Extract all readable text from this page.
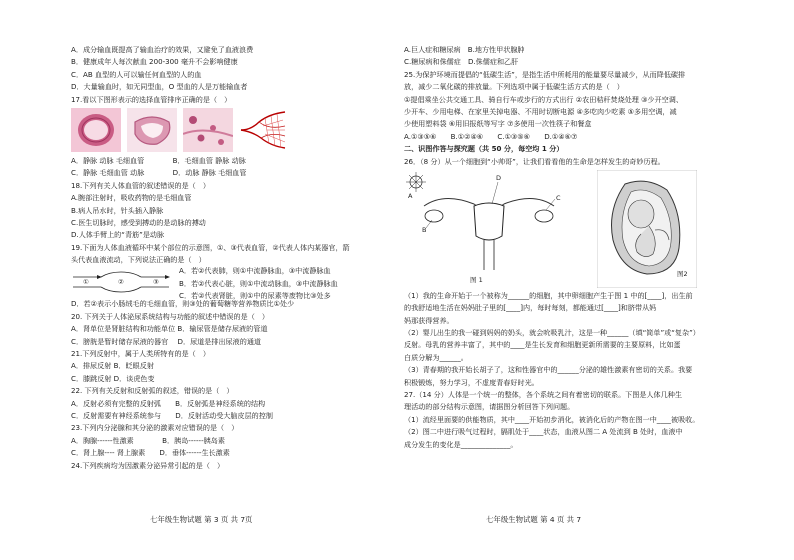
A．成分输血既提高了输血治疗的效果，又避免了血液浪费
B．健康成年人每次献血 200-300 毫升不会影响健康
C．AB 血型的人可以输任何血型的人的血
D．大量输血时，如无同型血，O 型血的人是万能输血者
17.看以下图形表示的选择血管排序正确的是（　）
A．静脉 动脉 毛细血管　　　　B．毛细血管 静脉 动脉
C．静脉 毛细血管 动脉　　　　D．动脉 静脉 毛细血管
18.下列有关人体血管的叙述错误的是（　）
A.腕部注射时，吸收药物的是毛细血管
B.病人吊水时，针头插入静脉
C.医生切脉时，感受到搏动的是动脉的搏动
D.人体手臂上的“青筋”是动脉
19.下面为人体血液循环中某个部位的示意图，①、③代表血管，②代表人体内某器官，箭
头代表血液流动，下列说法正确的是（　）
①	②	③
A．若②代表肺，则①中流静脉血，③中流静脉血
B．若②代表心脏，则①中流动脉血，③中流静脉血
C．若②代表肾脏，则①中的尿素等废物比③处多
D．若②表示小肠绒毛的毛细血管，则③处的葡萄糖等营养物质比①处少
20. 下列关于人体泌尿系统结构与功能的叙述中错误的是（　）
A．肾单位是肾脏结构和功能单位 B．输尿管是储存尿液的管道
C．膀胱是暂时储存尿液的器官　 D．尿道是排出尿液的通道
21.下列反射中，属于人类所特有的是（　）
A．排尿反射 B．眨眼反射
C．膝跳反射 D．谈虎色变
22. 下列有关反射和反射弧的叙述，错误的是（　）
A．反射必须有完整的反射弧　　B．反射弧是神经系统的结构
C．反射需要有神经系统参与　　D．反射活动受大脑皮层的控制
23.下列内分泌腺和其分泌的激素对应错误的是（　）
A．胸腺------性激素　　　　B．胰岛------胰岛素
C．肾上腺---- 肾上腺素　　D．垂体------生长激素
24.下列疾病均为因激素分泌异常引起的是（　）
A.巨人症和糖尿病　B.地方性甲状腺肿
C.糖尿病和侏儒症　D.侏儒症和乙肝
25.为保护环境而提倡的“低碳生活”，是指生活中所耗用的能量要尽量减少，从而降低碳排
放，减少二氧化碳的排放量。下列选项中属于低碳生活方式的是（　）
①提倡乘坐公共交通工具、骑自行车或步行的方式出行 ②农田秸秆焚烧处理 ③少开空调、
少开车、少用电梯、在家里关掉电器、不用时切断电源 ④多吃肉少吃素 ⑤多用空调，减
少使用塑料袋 ⑥用旧报纸等写字 ⑦多使用一次性筷子和餐盒
A.①③⑤⑥　　B.①②④⑥　　C.①③⑤⑥　　D.①④⑥⑦
二、识图作答与探究题（共 50 分，每空均 1 分）
26．（8 分）从一个细胞到“小帅哥”，让我们看看他的生命是怎样发生的奇妙历程。
A
D
B
C
图 1
图2
（1）我的生命开始于一个被称为______的细胞，其中卵细胞产生于图 1 中的[____]，出生前
的我舒适地生活在妈妈肚子里的[____]内，每时每刻，都能通过[____]和脐带从妈
妈那获得营养。
（2）婴儿出生的我一碰到妈妈的奶头，就会吮吸乳汁，这是一种______（填“简单”或“复杂”）
反射。母乳的营养丰富了，其中的____是生长发育和细胞更新所需要的主要原料，比如蛋
白质分解为______。
（3）青春期的我开始长胡子了，这和性器官中的______分泌的雄性激素有密切的关系。我要
积极锻炼，努力学习，不虚度青春好时光。
27.（14 分）人体是一个统一的整体，各个系统之间有着密切的联系。下图是人体几种生
理活动的部分结构示意图，请据图分析回答下列问题。
（1）流经里面要的供能物质，其中____开始初步消化，被消化后的产物在图一中____被吸收。
（2）图二中进行吸气过程时，膈肌处于____状态，血液从图二 A 处流到 B 处时，血液中
成分发生的变化是______________。
七年级生物试题 第 3 页 共 7页	七年级生物试题 第 4 页 共 7
